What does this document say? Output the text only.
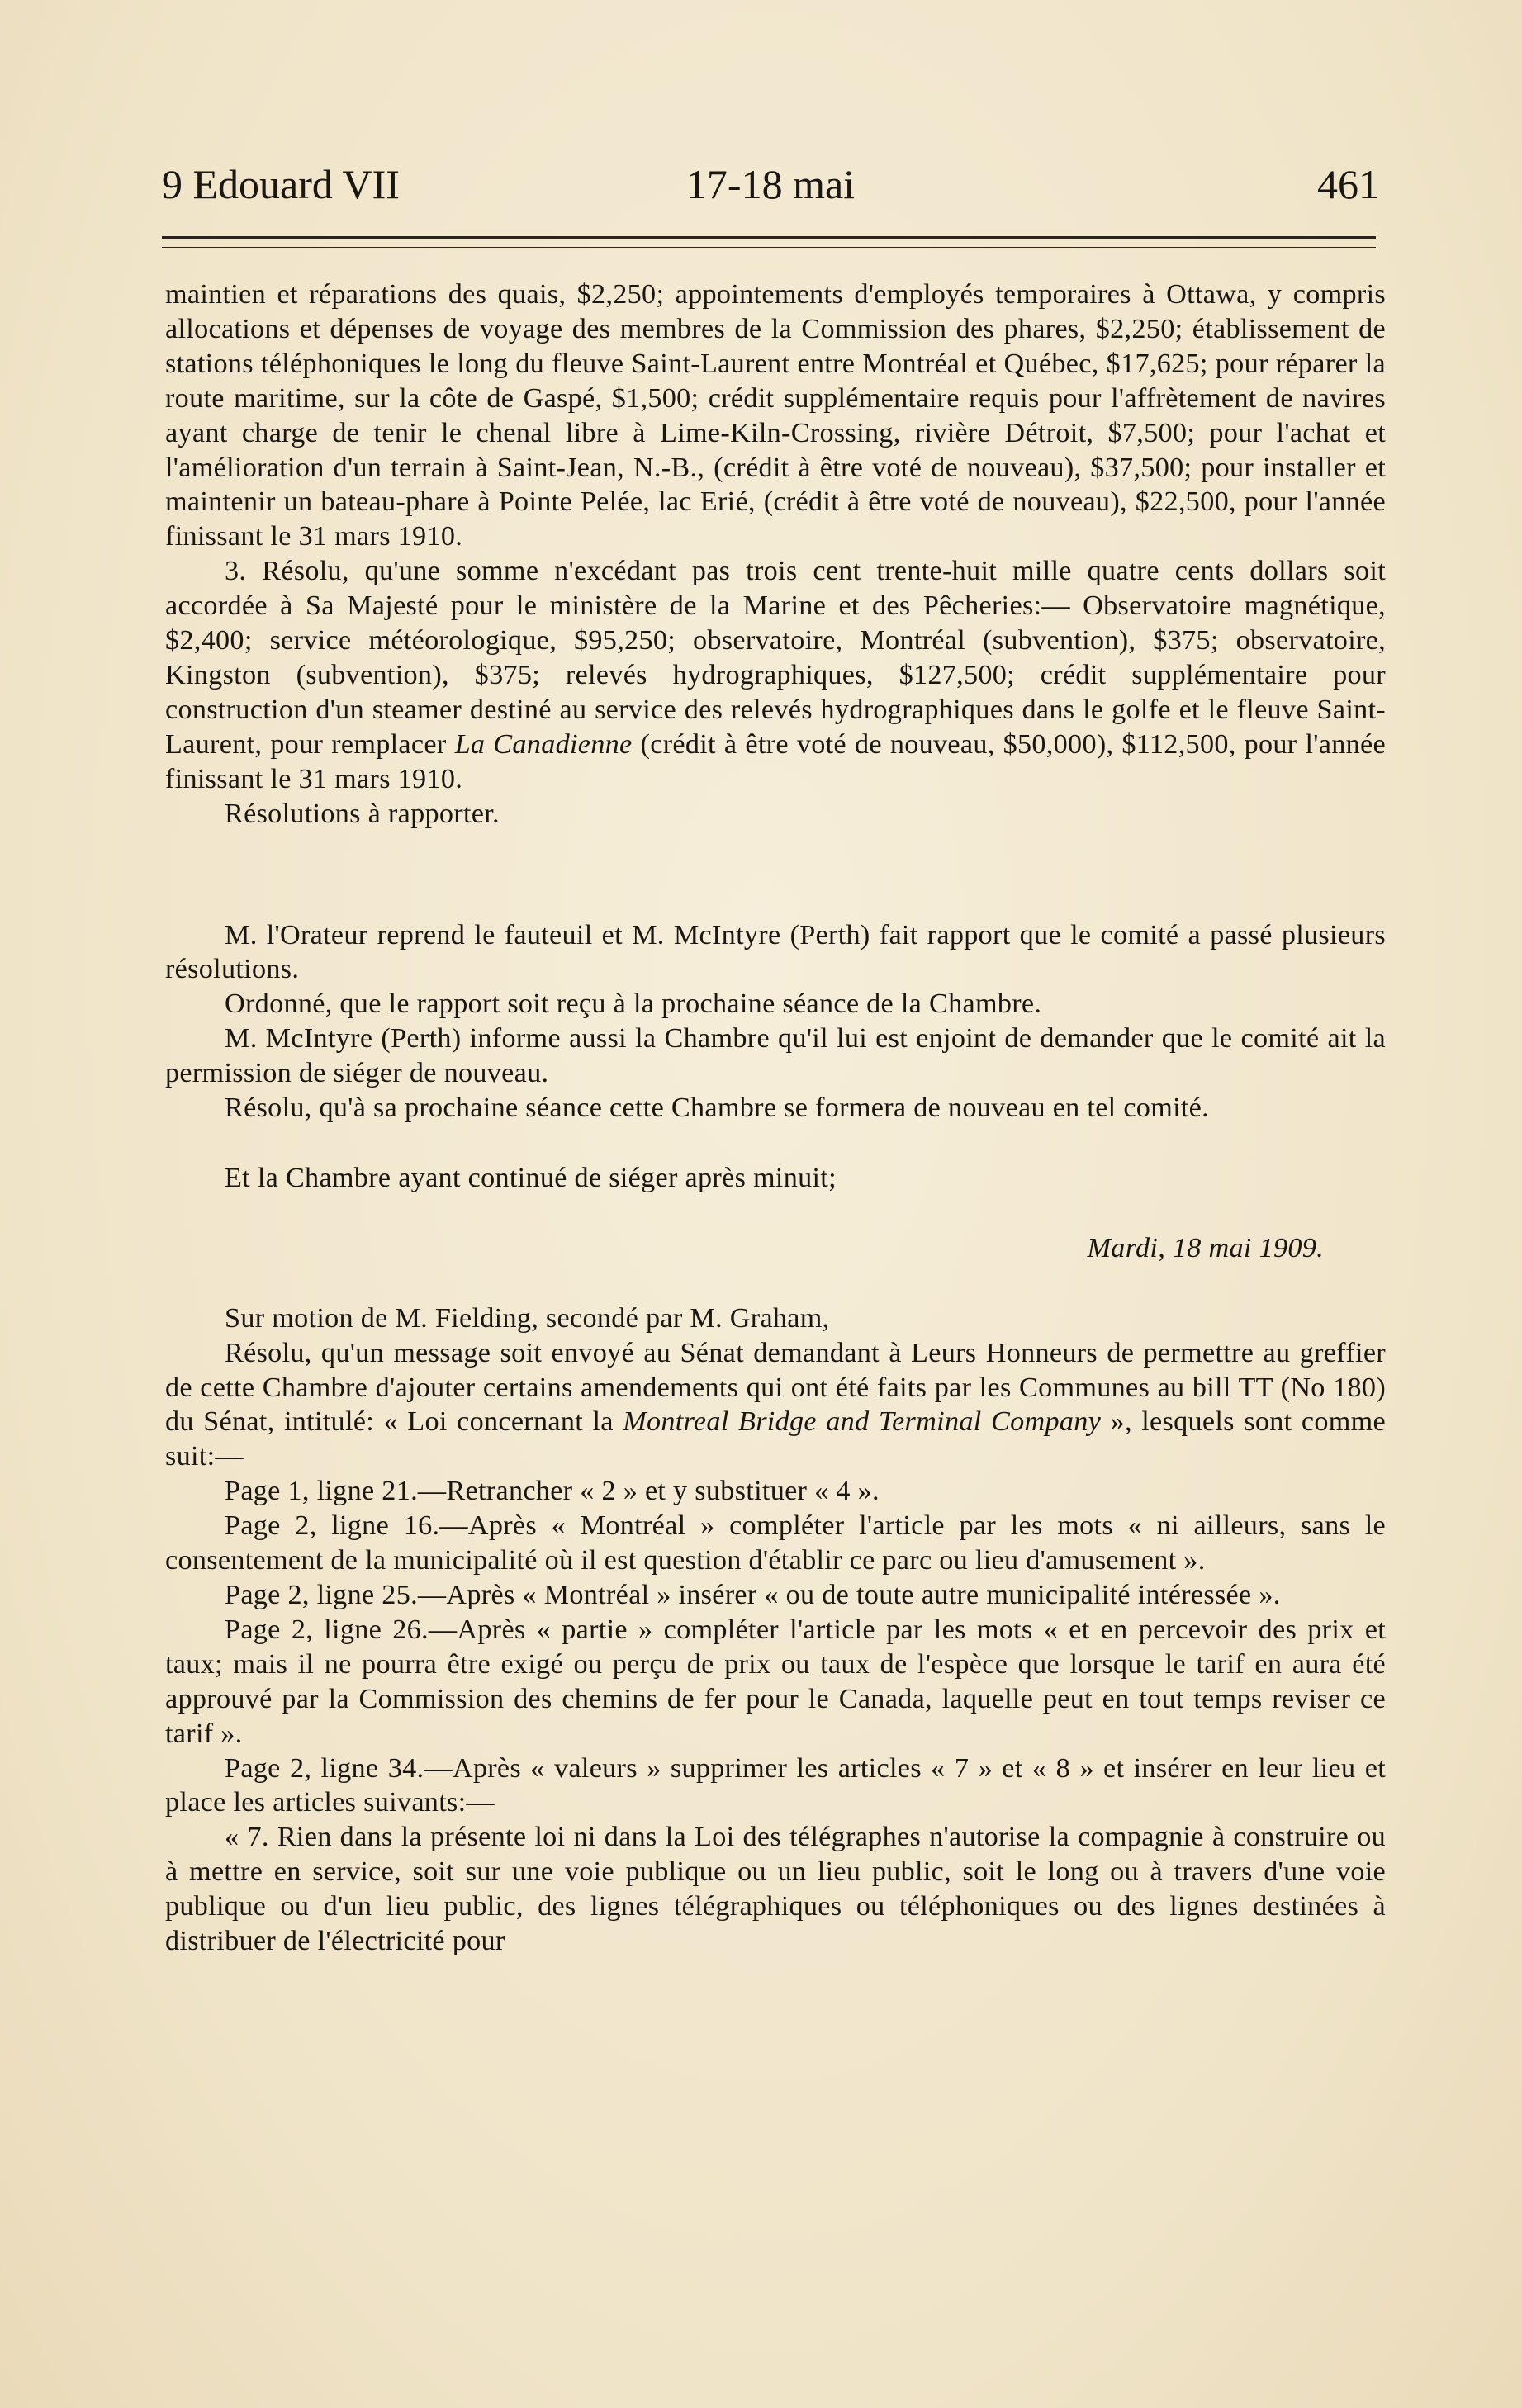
9 Edouard VII	17-18 mai	461

maintien et réparations des quais, $2,250; appointements d'employés temporaires à Ottawa, y compris allocations et dépenses de voyage des membres de la Commission des phares, $2,250; établissement de stations téléphoniques le long du fleuve Saint-Laurent entre Montréal et Québec, $17,625; pour réparer la route maritime, sur la côte de Gaspé, $1,500; crédit supplémentaire requis pour l'affrètement de navires ayant charge de tenir le chenal libre à Lime-Kiln-Crossing, rivière Détroit, $7,500; pour l'achat et l'amélioration d'un terrain à Saint-Jean, N.-B., (crédit à être voté de nouveau), $37,500; pour installer et maintenir un bateau-phare à Pointe Pelée, lac Erié, (crédit à être voté de nouveau), $22,500, pour l'année finissant le 31 mars 1910.

3. Résolu, qu'une somme n'excédant pas trois cent trente-huit mille quatre cents dollars soit accordée à Sa Majesté pour le ministère de la Marine et des Pêcheries:— Observatoire magnétique, $2,400; service météorologique, $95,250; observatoire, Montréal (subvention), $375; observatoire, Kingston (subvention), $375; relevés hydrographiques, $127,500; crédit supplémentaire pour construction d'un steamer destiné au service des relevés hydrographiques dans le golfe et le fleuve Saint-Laurent, pour remplacer La Canadienne (crédit à être voté de nouveau, $50,000), $112,500, pour l'année finissant le 31 mars 1910.

Résolutions à rapporter.

M. l'Orateur reprend le fauteuil et M. McIntyre (Perth) fait rapport que le comité a passé plusieurs résolutions.

Ordonné, que le rapport soit reçu à la prochaine séance de la Chambre.

M. McIntyre (Perth) informe aussi la Chambre qu'il lui est enjoint de demander que le comité ait la permission de siéger de nouveau.

Résolu, qu'à sa prochaine séance cette Chambre se formera de nouveau en tel comité.

Et la Chambre ayant continué de siéger après minuit;

Mardi, 18 mai 1909.

Sur motion de M. Fielding, secondé par M. Graham,

Résolu, qu'un message soit envoyé au Sénat demandant à Leurs Honneurs de permettre au greffier de cette Chambre d'ajouter certains amendements qui ont été faits par les Communes au bill TT (No 180) du Sénat, intitulé: « Loi concernant la Montreal Bridge and Terminal Company », lesquels sont comme suit:—

Page 1, ligne 21.—Retrancher « 2 » et y substituer « 4 ».

Page 2, ligne 16.—Après « Montréal » compléter l'article par les mots « ni ailleurs, sans le consentement de la municipalité où il est question d'établir ce parc ou lieu d'amusement ».

Page 2, ligne 25.—Après « Montréal » insérer « ou de toute autre municipalité intéressée ».

Page 2, ligne 26.—Après « partie » compléter l'article par les mots « et en percevoir des prix et taux; mais il ne pourra être exigé ou perçu de prix ou taux de l'espèce que lorsque le tarif en aura été approuvé par la Commission des chemins de fer pour le Canada, laquelle peut en tout temps reviser ce tarif ».

Page 2, ligne 34.—Après « valeurs » supprimer les articles « 7 » et « 8 » et insérer en leur lieu et place les articles suivants:—

« 7. Rien dans la présente loi ni dans la Loi des télégraphes n'autorise la compagnie à construire ou à mettre en service, soit sur une voie publique ou un lieu public, soit le long ou à travers d'une voie publique ou d'un lieu public, des lignes télégraphiques ou téléphoniques ou des lignes destinées à distribuer de l'électricité pour
